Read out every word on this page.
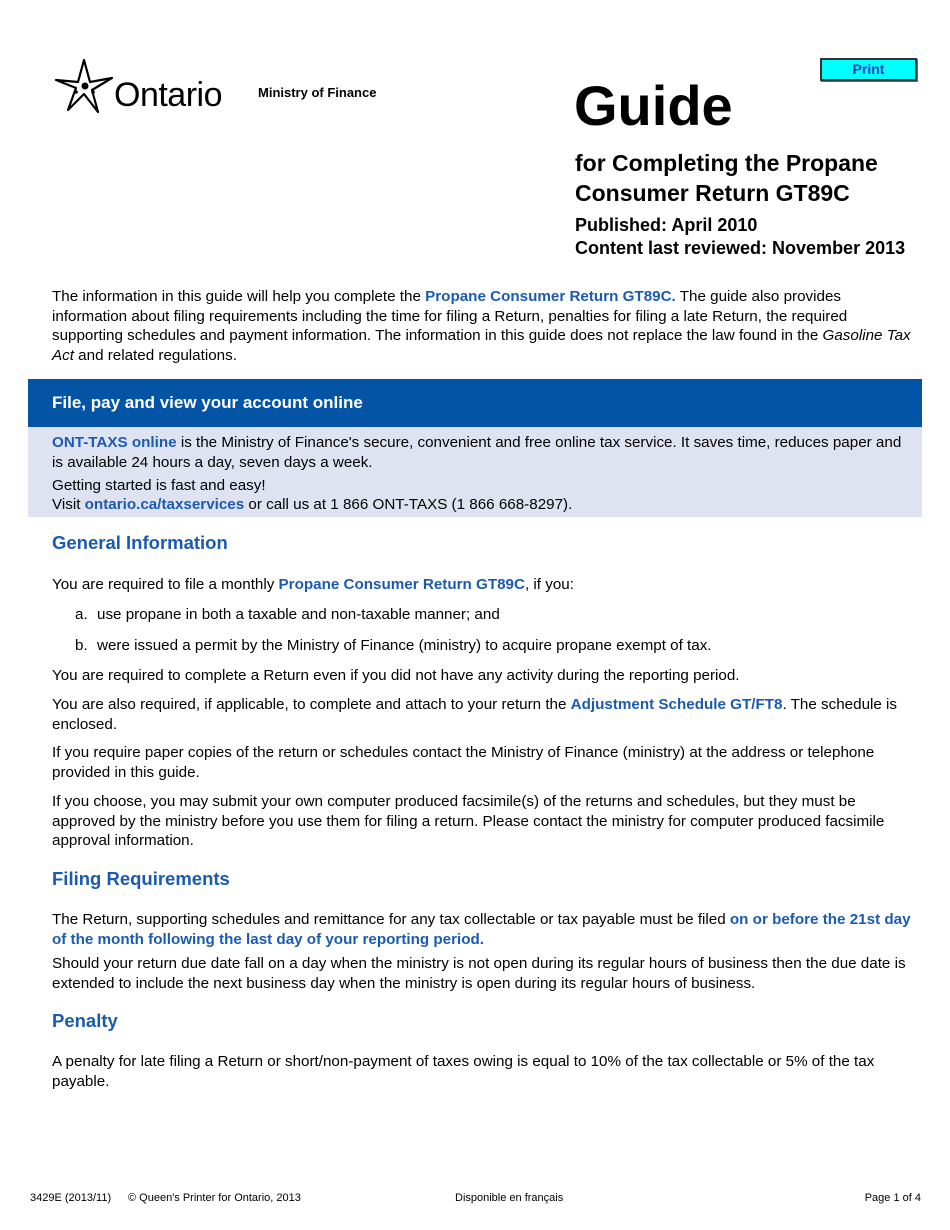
Ontario	Ministry of Finance
Print
Guide
for Completing the Propane Consumer Return GT89C
Published: April 2010
Content last reviewed: November 2013
The information in this guide will help you complete the Propane Consumer Return GT89C. The guide also provides information about filing requirements including the time for filing a Return, penalties for filing a late Return, the required supporting schedules and payment information. The information in this guide does not replace the law found in the Gasoline Tax Act and related regulations.
File, pay and view your account online

ONT-TAXS online is the Ministry of Finance's secure, convenient and free online tax service. It saves time, reduces paper and is available 24 hours a day, seven days a week.

Getting started is fast and easy!

Visit ontario.ca/taxservices or call us at 1 866 ONT-TAXS (1 866 668-8297).

General Information
You are required to file a monthly Propane Consumer Return GT89C, if you:
a. use propane in both a taxable and non-taxable manner; and
b. were issued a permit by the Ministry of Finance (ministry) to acquire propane exempt of tax.
You are required to complete a Return even if you did not have any activity during the reporting period.
You are also required, if applicable, to complete and attach to your return the Adjustment Schedule GT/FT8. The schedule is enclosed.
If you require paper copies of the return or schedules contact the Ministry of Finance (ministry) at the address or telephone provided in this guide.
If you choose, you may submit your own computer produced facsimile(s) of the returns and schedules, but they must be approved by the ministry before you use them for filing a return. Please contact the ministry for computer produced facsimile approval information.
Filing Requirements
The Return, supporting schedules and remittance for any tax collectable or tax payable must be filed on or before the 21st day of the month following the last day of your reporting period.
Should your return due date fall on a day when the ministry is not open during its regular hours of business then the due date is extended to include the next business day when the ministry is open during its regular hours of business.
Penalty
A penalty for late filing a Return or short/non-payment of taxes owing is equal to 10% of the tax collectable or 5% of the tax payable.
3429E (2013/11) © Queen's Printer for Ontario, 2013	Disponible en français	Page 1 of 4
